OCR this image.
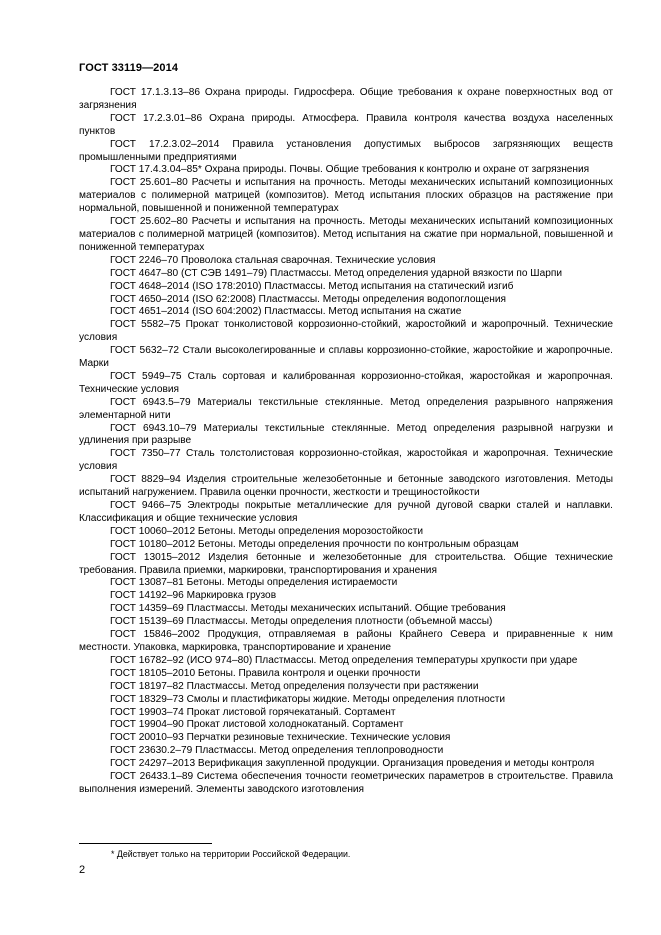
ГОСТ 33119—2014

ГОСТ 17.1.3.13–86 Охрана природы. Гидросфера. Общие требования к охране поверхностных вод от загрязнения

ГОСТ 17.2.3.01–86 Охрана природы. Атмосфера. Правила контроля качества воздуха населенных пунктов

ГОСТ 17.2.3.02–2014 Правила установления допустимых выбросов загрязняющих веществ промышленными предприятиями

ГОСТ 17.4.3.04–85* Охрана природы. Почвы. Общие требования к контролю и охране от загрязнения

ГОСТ 25.601–80 Расчеты и испытания на прочность. Методы механических испытаний композиционных материалов с полимерной матрицей (композитов). Метод испытания плоских образцов на растяжение при нормальной, повышенной и пониженной температурах

ГОСТ 25.602–80 Расчеты и испытания на прочность. Методы механических испытаний композиционных материалов с полимерной матрицей (композитов). Метод испытания на сжатие при нормальной, повышенной и пониженной температурах

ГОСТ 2246–70 Проволока стальная сварочная. Технические условия

ГОСТ 4647–80 (СТ СЭВ 1491–79) Пластмассы. Метод определения ударной вязкости по Шарпи

ГОСТ 4648–2014 (ISO 178:2010) Пластмассы. Метод испытания на статический изгиб

ГОСТ 4650–2014 (ISO 62:2008) Пластмассы. Методы определения водопоглощения

ГОСТ 4651–2014 (ISO 604:2002) Пластмассы. Метод испытания на сжатие

ГОСТ 5582–75 Прокат тонколистовой коррозионно-стойкий, жаростойкий и жаропрочный. Технические условия

ГОСТ 5632–72 Стали высоколегированные и сплавы коррозионно-стойкие, жаростойкие и жаропрочные. Марки

ГОСТ 5949–75 Сталь сортовая и калиброванная коррозионно-стойкая, жаростойкая и жаропрочная. Технические условия

ГОСТ 6943.5–79 Материалы текстильные стеклянные. Метод определения разрывного напряжения элементарной нити

ГОСТ 6943.10–79 Материалы текстильные стеклянные. Метод определения разрывной нагрузки и удлинения при разрыве

ГОСТ 7350–77 Сталь толстолистовая коррозионно-стойкая, жаростойкая и жаропрочная. Технические условия

ГОСТ 8829–94 Изделия строительные железобетонные и бетонные заводского изготовления. Методы испытаний нагружением. Правила оценки прочности, жесткости и трещиностойкости

ГОСТ 9466–75 Электроды покрытые металлические для ручной дуговой сварки сталей и наплавки. Классификация и общие технические условия

ГОСТ 10060–2012 Бетоны. Методы определения морозостойкости

ГОСТ 10180–2012 Бетоны. Методы определения прочности по контрольным образцам

ГОСТ 13015–2012 Изделия бетонные и железобетонные для строительства. Общие технические требования. Правила приемки, маркировки, транспортирования и хранения

ГОСТ 13087–81 Бетоны. Методы определения истираемости

ГОСТ 14192–96 Маркировка грузов

ГОСТ 14359–69 Пластмассы. Методы механических испытаний. Общие требования

ГОСТ 15139–69 Пластмассы. Методы определения плотности (объемной массы)

ГОСТ 15846–2002 Продукция, отправляемая в районы Крайнего Севера и приравненные к ним местности. Упаковка, маркировка, транспортирование и хранение

ГОСТ 16782–92 (ИСО 974–80) Пластмассы. Метод определения температуры хрупкости при ударе

ГОСТ 18105–2010 Бетоны. Правила контроля и оценки прочности

ГОСТ 18197–82 Пластмассы. Метод определения ползучести при растяжении

ГОСТ 18329–73 Смолы и пластификаторы жидкие. Методы определения плотности

ГОСТ 19903–74 Прокат листовой горячекатаный. Сортамент

ГОСТ 19904–90 Прокат листовой холоднокатаный. Сортамент

ГОСТ 20010–93 Перчатки резиновые технические. Технические условия

ГОСТ 23630.2–79 Пластмассы. Метод определения теплопроводности

ГОСТ 24297–2013 Верификация закупленной продукции. Организация проведения и методы контроля

ГОСТ 26433.1–89 Система обеспечения точности геометрических параметров в строительстве. Правила выполнения измерений. Элементы заводского изготовления

* Действует только на территории Российской Федерации.
2
